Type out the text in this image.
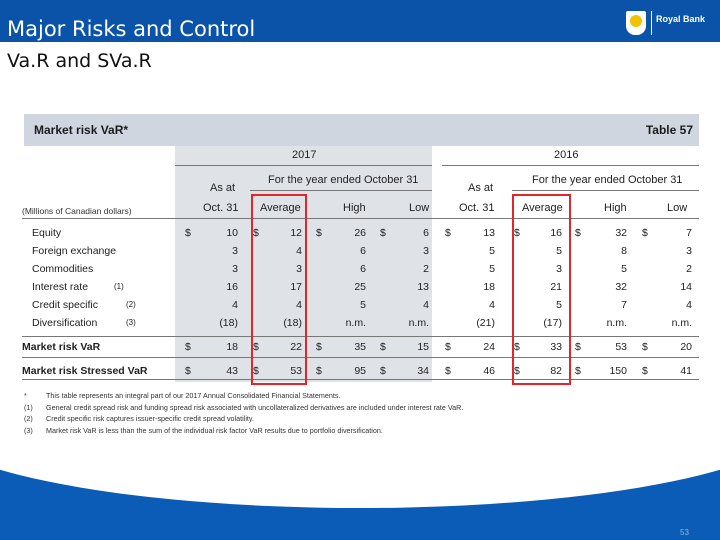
Major Risks and Control
Va.R and SVa.R
Royal Bank
53
Market risk VaR*	Table 57
2017	2016
As at
Oct. 31
For the year ended October 31
Average	High	Low
As at
Oct. 31
For the year ended October 31
Average	High	Low
(Millions of Canadian dollars)
Equity	$	10 $	12 $	26 $	6 $	13 $	16 $	32 $	7
Foreign exchange	3	4	6	3	5	5	8	3
Commodities	3	3	6	2	5	3	5	2
Interest rate	(1)	16	17	25	13	18	21	32	14
Credit specific	(2)	4	4	5	4	4	5	7	4
Diversification	(3)	(18)	(18)	n.m.	n.m.	(21)	(17)	n.m.	n.m.
Market risk VaR	$	18 $	22 $	35 $	15 $	24 $	33 $	53 $	20
Market risk Stressed VaR	$	43 $	53 $	95 $	34 $	46 $	82 $	150 $	41
*	This table represents an integral part of our 2017 Annual Consolidated Financial Statements.
(1) General credit spread risk and funding spread risk associated with uncollateralized derivatives are included under interest rate VaR.
(2) Credit specific risk captures issuer-specific credit spread volatility.
(3) Market risk VaR is less than the sum of the individual risk factor VaR results due to portfolio diversification.
